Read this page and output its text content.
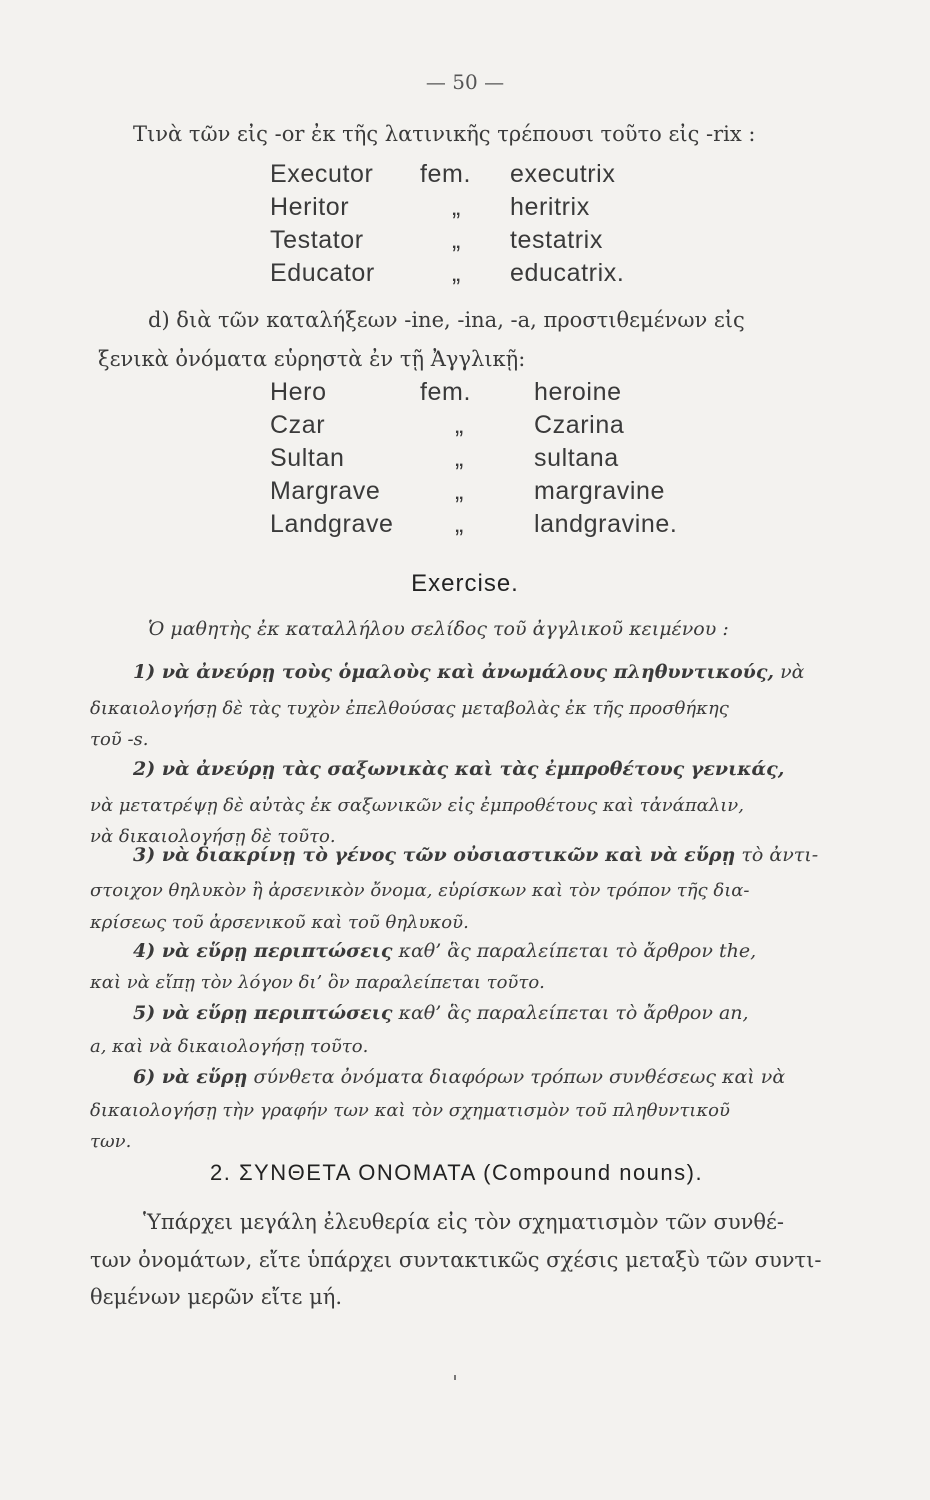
— 50 —
Τινὰ τῶν εἰς -or ἐκ τῆς λατινικῆς τρέπουσι τοῦτο εἰς -rix :
Executor fem. executrix
Heritor	„ heritrix
Testator	„ testatrix
Educator	„ educatrix.
d) διὰ τῶν καταλήξεων -ine, -ina, -a, προστιθεμένων εἰς
ξενικὰ ὀνόματα εὑρηστὰ ἐν τῇ Ἀγγλικῇ:
Hero	fem.	heroine
Czar	„	Czarina
Sultan	„	sultana
Margrave	„	margravine
Landgrave „	landgravine.
Exercise.
Ὁ μαθητὴς ἐκ καταλλήλου σελίδος τοῦ ἀγγλικοῦ κειμένου :
1) νὰ ἀνεύρῃ τοὺς ὁμαλοὺς καὶ ἀνωμάλους πληθυντικούς, νὰ
δικαιολογήσῃ δὲ τὰς τυχὸν ἐπελθούσας μεταβολὰς ἐκ τῆς προσθήκης
τοῦ -s.
2) νὰ ἀνεύρῃ τὰς σαξωνικὰς καὶ τὰς ἐμπροθέτους γενικάς,
νὰ μετατρέψῃ δὲ αὐτὰς ἐκ σαξωνικῶν εἰς ἐμπροθέτους καὶ τἀνάπαλιν,
νὰ δικαιολογήσῃ δὲ τοῦτο.
3) νὰ διακρίνῃ τὸ γένος τῶν οὐσιαστικῶν καὶ νὰ εὕρῃ τὸ ἀντι-
στοιχον θηλυκὸν ἢ ἀρσενικὸν ὄνομα, εὑρίσκων καὶ τὸν τρόπον τῆς δια-
κρίσεως τοῦ ἀρσενικοῦ καὶ τοῦ θηλυκοῦ.
4) νὰ εὕρῃ περιπτώσεις καθ’ ἃς παραλείπεται τὸ ἄρθρον the,
καὶ νὰ εἴπῃ τὸν λόγον δι’ ὃν παραλείπεται τοῦτο.
5) νὰ εὕρῃ περιπτώσεις καθ’ ἃς παραλείπεται τὸ ἄρθρον an,
a, καὶ νὰ δικαιολογήσῃ τοῦτο.
6) νὰ εὕρῃ σύνθετα ὀνόματα διαφόρων τρόπων συνθέσεως καὶ νὰ
δικαιολογήσῃ τὴν γραφήν των καὶ τὸν σχηματισμὸν τοῦ πληθυντικοῦ
των.
2. ΣΥΝΘΕΤΑ ΟΝΟΜΑΤΑ (Compound nouns).
Ὑπάρχει μεγάλη ἐλευθερία εἰς τὸν σχηματισμὸν τῶν συνθέ-
των ὀνομάτων, εἴτε ὑπάρχει συντακτικῶς σχέσις μεταξὺ τῶν συντι-
θεμένων μερῶν εἴτε μή.
